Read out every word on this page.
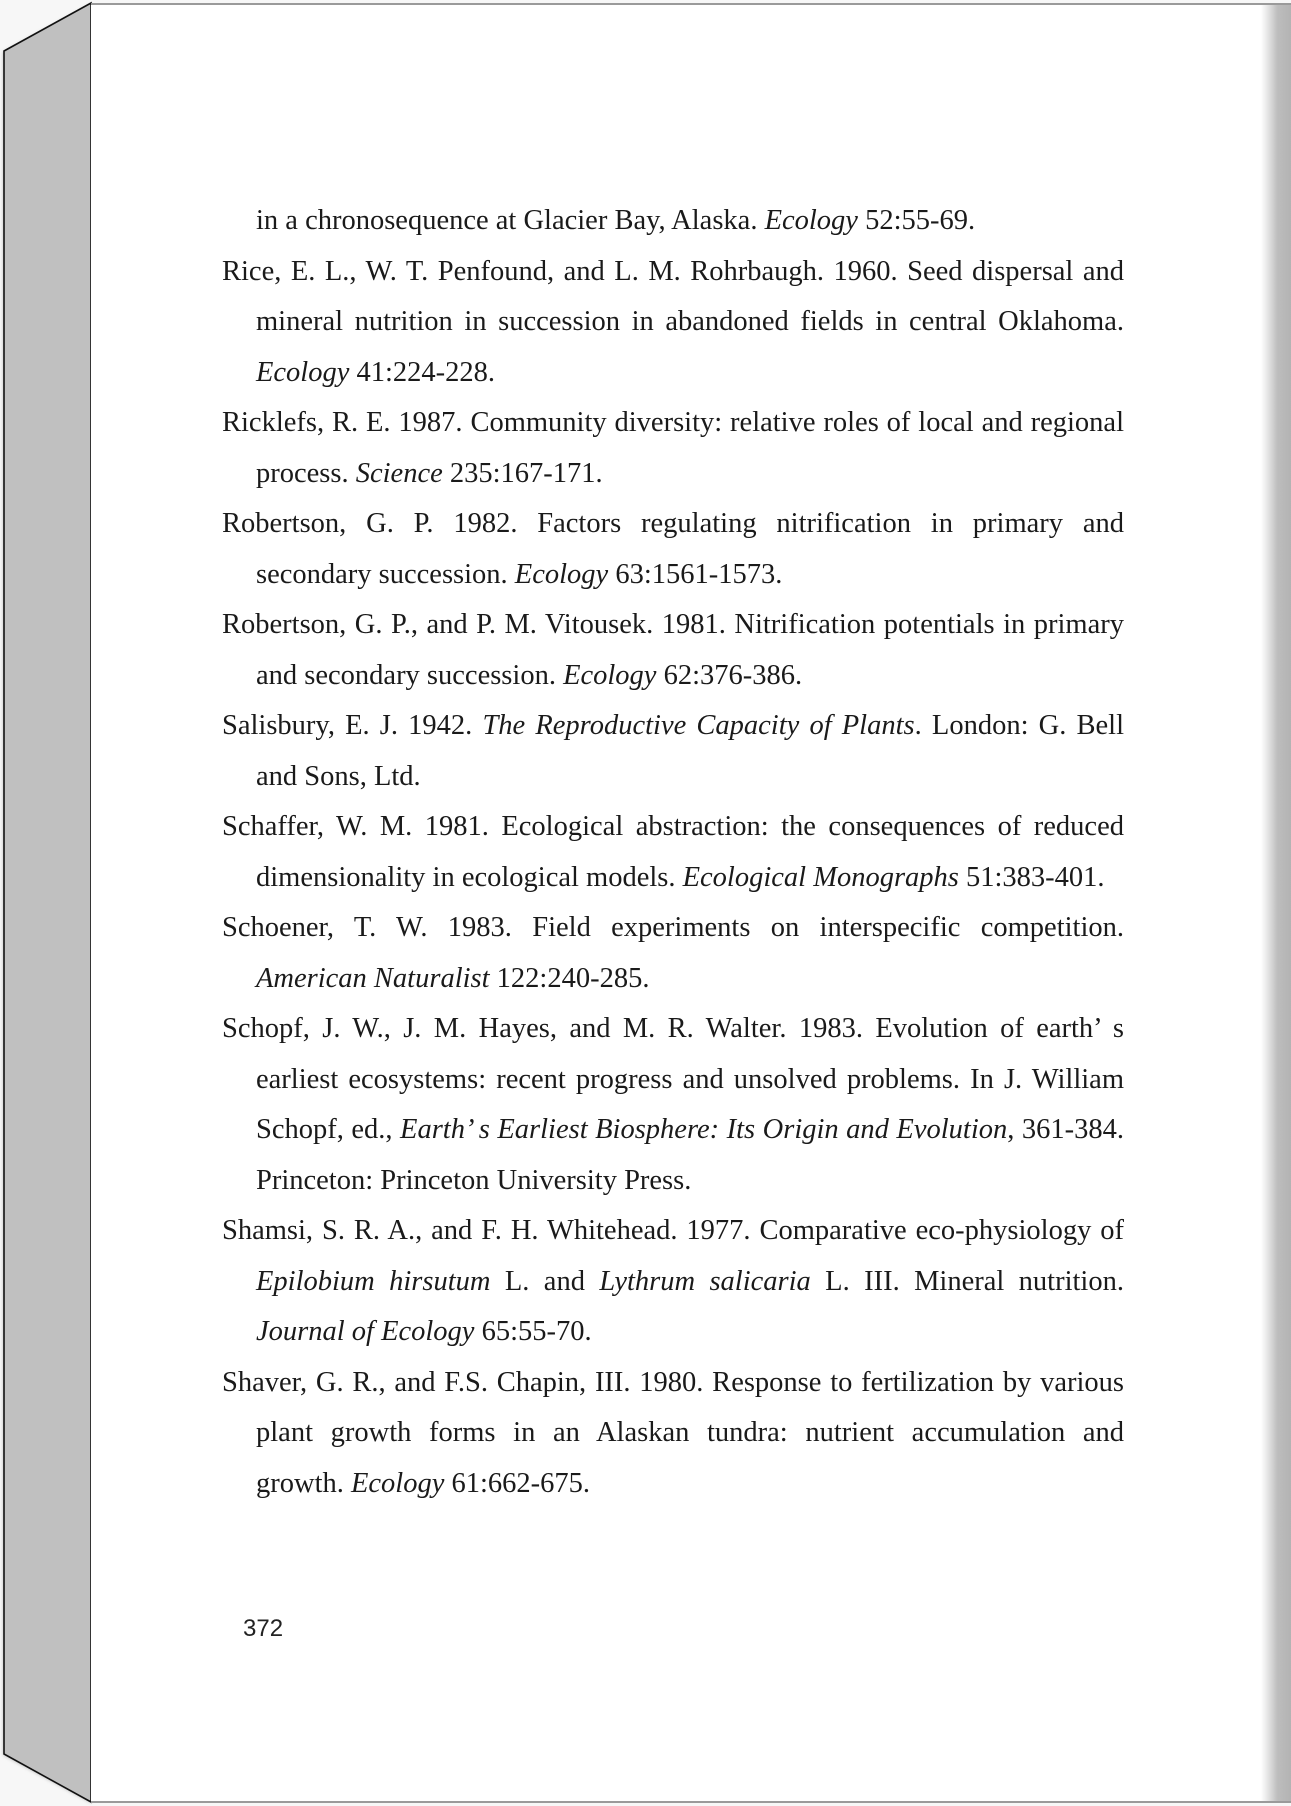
in a chronosequence at Glacier Bay, Alaska. Ecology 52:55-69.

Rice, E. L., W. T. Penfound, and L. M. Rohrbaugh. 1960. Seed dispersal and mineral nutrition in succession in abandoned fields in central Oklahoma. Ecology 41:224-228.

Ricklefs, R. E. 1987. Community diversity: relative roles of local and regional process. Science 235:167-171.

Robertson, G. P. 1982. Factors regulating nitrification in primary and secondary succession. Ecology 63:1561-1573.

Robertson, G. P., and P. M. Vitousek. 1981. Nitrification potentials in primary and secondary succession. Ecology 62:376-386.

Salisbury, E. J. 1942. The Reproductive Capacity of Plants. London: G. Bell and Sons, Ltd.

Schaffer, W. M. 1981. Ecological abstraction: the consequences of reduced dimensionality in ecological models. Ecological Monographs 51:383-401.

Schoener, T. W. 1983. Field experiments on interspecific competition. American Naturalist 122:240-285.

Schopf, J. W., J. M. Hayes, and M. R. Walter. 1983. Evolution of earth’ s earliest ecosystems: recent progress and unsolved problems. In J. William Schopf, ed., Earth’ s Earliest Biosphere: Its Origin and Evolution, 361-384. Princeton: Princeton University Press.

Shamsi, S. R. A., and F. H. Whitehead. 1977. Comparative eco-physiology of Epilobium hirsutum L. and Lythrum salicaria L. III. Mineral nutrition. Journal of Ecology 65:55-70.

Shaver, G. R., and F.S. Chapin, III. 1980. Response to fertilization by various plant growth forms in an Alaskan tundra: nutrient accumulation and growth. Ecology 61:662-675.

372
